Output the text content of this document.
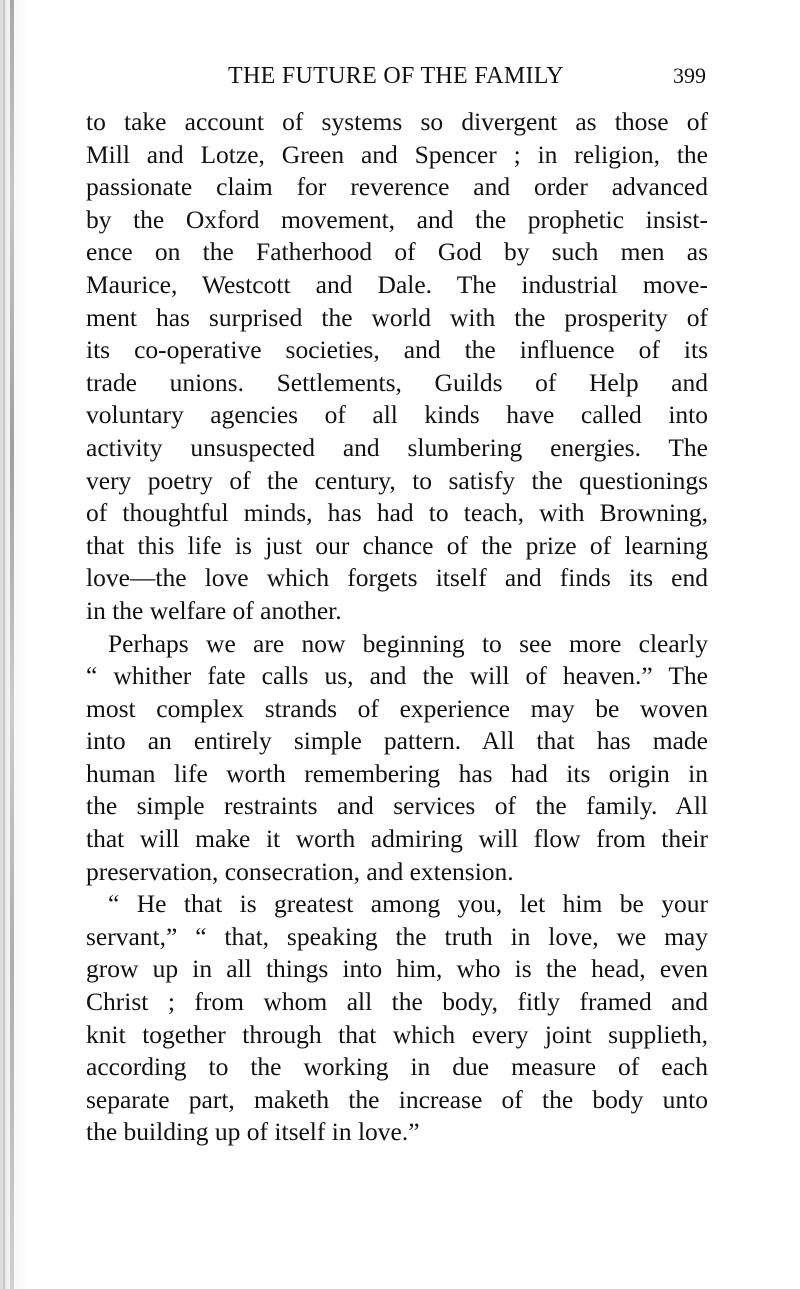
THE FUTURE OF THE FAMILY	399
to take account of systems so divergent as those of
Mill and Lotze, Green and Spencer ; in religion, the
passionate claim for reverence and order advanced
by the Oxford movement, and the prophetic insist-
ence on the Fatherhood of God by such men as
Maurice, Westcott and Dale. The industrial move-
ment has surprised the world with the prosperity of
its co-operative societies, and the influence of its
trade unions. Settlements, Guilds of Help and
voluntary agencies of all kinds have called into
activity unsuspected and slumbering energies. The
very poetry of the century, to satisfy the questionings
of thoughtful minds, has had to teach, with Browning,
that this life is just our chance of the prize of learning
love—the love which forgets itself and finds its end
in the welfare of another.
Perhaps we are now beginning to see more clearly
“ whither fate calls us, and the will of heaven.” The
most complex strands of experience may be woven
into an entirely simple pattern. All that has made
human life worth remembering has had its origin in
the simple restraints and services of the family. All
that will make it worth admiring will flow from their
preservation, consecration, and extension.
“ He that is greatest among you, let him be your
servant,” “ that, speaking the truth in love, we may
grow up in all things into him, who is the head, even
Christ ; from whom all the body, fitly framed and
knit together through that which every joint supplieth,
according to the working in due measure of each
separate part, maketh the increase of the body unto
the building up of itself in love.”
